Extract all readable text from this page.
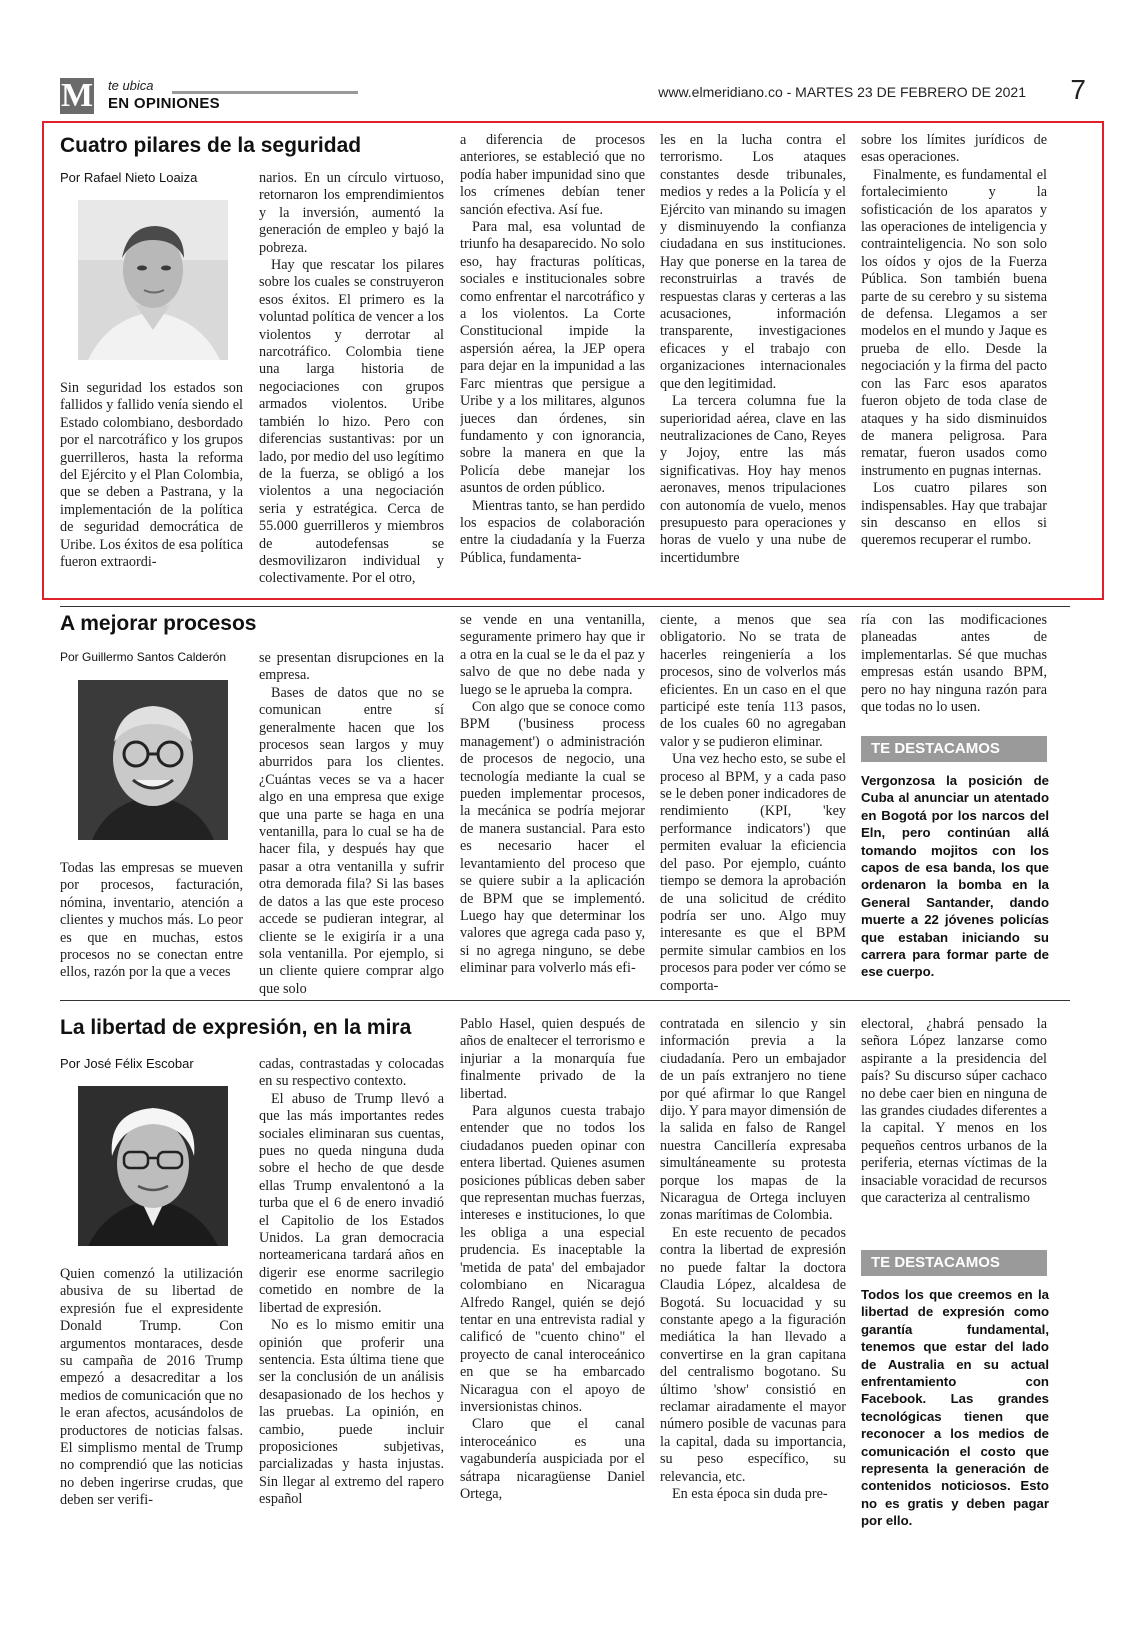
M te ubica
EN OPINIONES
www.elmeridiano.co - MARTES 23 DE FEBRERO DE 2021 7
Cuatro pilares de la seguridad
Por Rafael Nieto Loaiza

Sin seguridad los estados son fallidos y fallido venía siendo el Estado colombiano, desbordado por el narcotráfico y los grupos guerrilleros, hasta la reforma del Ejército y el Plan Colombia, que se deben a Pastrana, y la implementación de la política de seguridad democrática de Uribe. Los éxitos de esa política fueron extraordi-

narios. En un círculo virtuoso, retornaron los emprendimientos y la inversión, aumentó la generación de empleo y bajó la pobreza.

Hay que rescatar los pilares sobre los cuales se construyeron esos éxitos. El primero es la voluntad política de vencer a los violentos y derrotar al narcotráfico. Colombia tiene una larga historia de negociaciones con grupos armados violentos. Uribe también lo hizo. Pero con diferencias sustantivas: por un lado, por medio del uso legítimo de la fuerza, se obligó a los violentos a una negociación seria y estratégica. Cerca de 55.000 guerrilleros y miembros de autodefensas se desmovilizaron individual y colectivamente. Por el otro,

a diferencia de procesos anteriores, se estableció que no podía haber impunidad sino que los crímenes debían tener sanción efectiva. Así fue.

Para mal, esa voluntad de triunfo ha desaparecido. No solo eso, hay fracturas políticas, sociales e institucionales sobre como enfrentar el narcotráfico y a los violentos. La Corte Constitucional impide la aspersión aérea, la JEP opera para dejar en la impunidad a las Farc mientras que persigue a Uribe y a los militares, algunos jueces dan órdenes, sin fundamento y con ignorancia, sobre la manera en que la Policía debe manejar los asuntos de orden público.

Mientras tanto, se han perdido los espacios de colaboración entre la ciudadanía y la Fuerza Pública, fundamenta-

les en la lucha contra el terrorismo. Los ataques constantes desde tribunales, medios y redes a la Policía y el Ejército van minando su imagen y disminuyendo la confianza ciudadana en sus instituciones. Hay que ponerse en la tarea de reconstruirlas a través de respuestas claras y certeras a las acusaciones, información transparente, investigaciones eficaces y el trabajo con organizaciones internacionales que den legitimidad.

La tercera columna fue la superioridad aérea, clave en las neutralizaciones de Cano, Reyes y Jojoy, entre las más significativas. Hoy hay menos aeronaves, menos tripulaciones con autonomía de vuelo, menos presupuesto para operaciones y horas de vuelo y una nube de incertidumbre

sobre los límites jurídicos de esas operaciones.

Finalmente, es fundamental el fortalecimiento y la sofisticación de los aparatos y las operaciones de inteligencia y contrainteligencia. No son solo los oídos y ojos de la Fuerza Pública. Son también buena parte de su cerebro y su sistema de defensa. Llegamos a ser modelos en el mundo y Jaque es prueba de ello. Desde la negociación y la firma del pacto con las Farc esos aparatos fueron objeto de toda clase de ataques y ha sido disminuidos de manera peligrosa. Para rematar, fueron usados como instrumento en pugnas internas.

Los cuatro pilares son indispensables. Hay que trabajar sin descanso en ellos si queremos recuperar el rumbo.

A mejorar procesos
Por Guillermo Santos Calderón

Todas las empresas se mueven por procesos, facturación, nómina, inventario, atención a clientes y muchos más. Lo peor es que en muchas, estos procesos no se conectan entre ellos, razón por la que a veces

se presentan disrupciones en la empresa.

Bases de datos que no se comunican entre sí generalmente hacen que los procesos sean largos y muy aburridos para los clientes. ¿Cuántas veces se va a hacer algo en una empresa que exige que una parte se haga en una ventanilla, para lo cual se ha de hacer fila, y después hay que pasar a otra ventanilla y sufrir otra demorada fila? Si las bases de datos a las que este proceso accede se pudieran integrar, al cliente se le exigiría ir a una sola ventanilla. Por ejemplo, si un cliente quiere comprar algo que solo

se vende en una ventanilla, seguramente primero hay que ir a otra en la cual se le da el paz y salvo de que no debe nada y luego se le aprueba la compra.

Con algo que se conoce como BPM ('business process management') o administración de procesos de negocio, una tecnología mediante la cual se pueden implementar procesos, la mecánica se podría mejorar de manera sustancial. Para esto es necesario hacer el levantamiento del proceso que se quiere subir a la aplicación de BPM que se implementó. Luego hay que determinar los valores que agrega cada paso y, si no agrega ninguno, se debe eliminar para volverlo más efi-

ciente, a menos que sea obligatorio. No se trata de hacerles reingeniería a los procesos, sino de volverlos más eficientes. En un caso en el que participé este tenía 113 pasos, de los cuales 60 no agregaban valor y se pudieron eliminar.

Una vez hecho esto, se sube el proceso al BPM, y a cada paso se le deben poner indicadores de rendimiento (KPI, 'key performance indicators') que permiten evaluar la eficiencia del paso. Por ejemplo, cuánto tiempo se demora la aprobación de una solicitud de crédito podría ser uno. Algo muy interesante es que el BPM permite simular cambios en los procesos para poder ver cómo se comporta-

ría con las modificaciones planeadas antes de implementarlas. Sé que muchas empresas están usando BPM, pero no hay ninguna razón para que todas no lo usen.

TE DESTACAMOS
Vergonzosa la posición de Cuba al anunciar un atentado en Bogotá por los narcos del Eln, pero continúan allá tomando mojitos con los capos de esa banda, los que ordenaron la bomba en la General Santander, dando muerte a 22 jóvenes policías que estaban iniciando su carrera para formar parte de ese cuerpo.
La libertad de expresión, en la mira
Por José Félix Escobar

Quien comenzó la utilización abusiva de su libertad de expresión fue el expresidente Donald Trump. Con argumentos montaraces, desde su campaña de 2016 Trump empezó a desacreditar a los medios de comunicación que no le eran afectos, acusándolos de productores de noticias falsas. El simplismo mental de Trump no comprendió que las noticias no deben ingerirse crudas, que deben ser verifi-

cadas, contrastadas y colocadas en su respectivo contexto.

El abuso de Trump llevó a que las más importantes redes sociales eliminaran sus cuentas, pues no queda ninguna duda sobre el hecho de que desde ellas Trump envalentonó a la turba que el 6 de enero invadió el Capitolio de los Estados Unidos. La gran democracia norteamericana tardará años en digerir ese enorme sacrilegio cometido en nombre de la libertad de expresión.

No es lo mismo emitir una opinión que proferir una sentencia. Esta última tiene que ser la conclusión de un análisis desapasionado de los hechos y las pruebas. La opinión, en cambio, puede incluir proposiciones subjetivas, parcializadas y hasta injustas. Sin llegar al extremo del rapero español

Pablo Hasel, quien después de años de enaltecer el terrorismo e injuriar a la monarquía fue finalmente privado de la libertad.

Para algunos cuesta trabajo entender que no todos los ciudadanos pueden opinar con entera libertad. Quienes asumen posiciones públicas deben saber que representan muchas fuerzas, intereses e instituciones, lo que les obliga a una especial prudencia. Es inaceptable la 'metida de pata' del embajador colombiano en Nicaragua Alfredo Rangel, quién se dejó tentar en una entrevista radial y calificó de "cuento chino" el proyecto de canal interoceánico en que se ha embarcado Nicaragua con el apoyo de inversionistas chinos.

Claro que el canal interoceánico es una vagabundería auspiciada por el sátrapa nicaragüense Daniel Ortega,

contratada en silencio y sin información previa a la ciudadanía. Pero un embajador de un país extranjero no tiene por qué afirmar lo que Rangel dijo. Y para mayor dimensión de la salida en falso de Rangel nuestra Cancillería expresaba simultáneamente su protesta porque los mapas de la Nicaragua de Ortega incluyen zonas marítimas de Colombia.

En este recuento de pecados contra la libertad de expresión no puede faltar la doctora Claudia López, alcaldesa de Bogotá. Su locuacidad y su constante apego a la figuración mediática la han llevado a convertirse en la gran capitana del centralismo bogotano. Su último 'show' consistió en reclamar airadamente el mayor número posible de vacunas para la capital, dada su importancia, su peso específico, su relevancia, etc.

En esta época sin duda pre-

electoral, ¿habrá pensado la señora López lanzarse como aspirante a la presidencia del país? Su discurso súper cachaco no debe caer bien en ninguna de las grandes ciudades diferentes a la capital. Y menos en los pequeños centros urbanos de la periferia, eternas víctimas de la insaciable voracidad de recursos que caracteriza al centralismo

TE DESTACAMOS
Todos los que creemos en la libertad de expresión como garantía fundamental, tenemos que estar del lado de Australia en su actual enfrentamiento con Facebook. Las grandes tecnológicas tienen que reconocer a los medios de comunicación el costo que representa la generación de contenidos noticiosos. Esto no es gratis y deben pagar por ello.
